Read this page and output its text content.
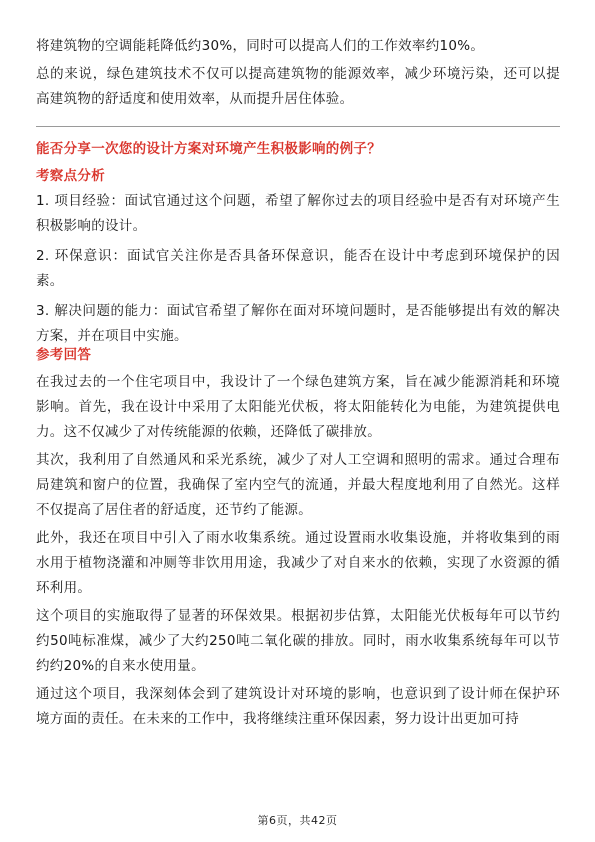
将建筑物的空调能耗降低约30%，同时可以提高人们的工作效率约10%。

总的来说，绿色建筑技术不仅可以提高建筑物的能源效率，减少环境污染，还可以提高建筑物的舒适度和使用效率，从而提升居住体验。

能否分享一次您的设计方案对环境产生积极影响的例子？

考察点分析

1. 项目经验：面试官通过这个问题，希望了解你过去的项目经验中是否有对环境产生积极影响的设计。

2. 环保意识：面试官关注你是否具备环保意识，能否在设计中考虑到环境保护的因素。

3. 解决问题的能力：面试官希望了解你在面对环境问题时，是否能够提出有效的解决方案，并在项目中实施。

参考回答

在我过去的一个住宅项目中，我设计了一个绿色建筑方案，旨在减少能源消耗和环境影响。首先，我在设计中采用了太阳能光伏板，将太阳能转化为电能，为建筑提供电力。这不仅减少了对传统能源的依赖，还降低了碳排放。

其次，我利用了自然通风和采光系统，减少了对人工空调和照明的需求。通过合理布局建筑和窗户的位置，我确保了室内空气的流通，并最大程度地利用了自然光。这样不仅提高了居住者的舒适度，还节约了能源。

此外，我还在项目中引入了雨水收集系统。通过设置雨水收集设施，并将收集到的雨水用于植物浇灌和冲厕等非饮用用途，我减少了对自来水的依赖，实现了水资源的循环利用。

这个项目的实施取得了显著的环保效果。根据初步估算，太阳能光伏板每年可以节约约50吨标准煤，减少了大约250吨二氧化碳的排放。同时，雨水收集系统每年可以节约约20%的自来水使用量。

通过这个项目，我深刻体会到了建筑设计对环境的影响，也意识到了设计师在保护环境方面的责任。在未来的工作中，我将继续注重环保因素，努力设计出更加可持

第6页，共42页
